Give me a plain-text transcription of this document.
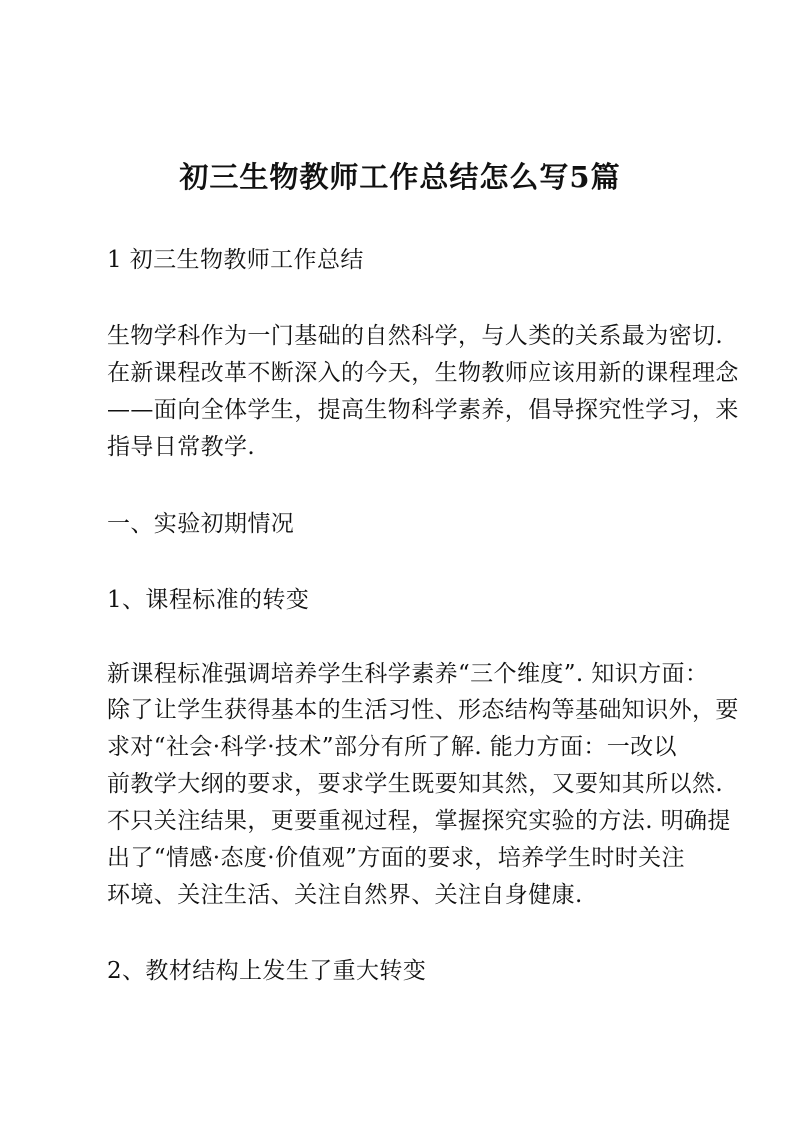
初三生物教师工作总结怎么写5篇
1 初三生物教师工作总结
生物学科作为一门基础的自然科学，与人类的关系最为密切.
在新课程改革不断深入的今天，生物教师应该用新的课程理念
——面向全体学生，提高生物科学素养，倡导探究性学习，来
指导日常教学.
一、实验初期情况
1、课程标准的转变
新课程标准强调培养学生科学素养“三个维度”. 知识方面：
除了让学生获得基本的生活习性、形态结构等基础知识外，要
求对“社会·科学·技术”部分有所了解. 能力方面：一改以
前教学大纲的要求，要求学生既要知其然，又要知其所以然.
不只关注结果，更要重视过程，掌握探究实验的方法. 明确提
出了“情感·态度·价值观”方面的要求，培养学生时时关注
环境、关注生活、关注自然界、关注自身健康.
2、教材结构上发生了重大转变
